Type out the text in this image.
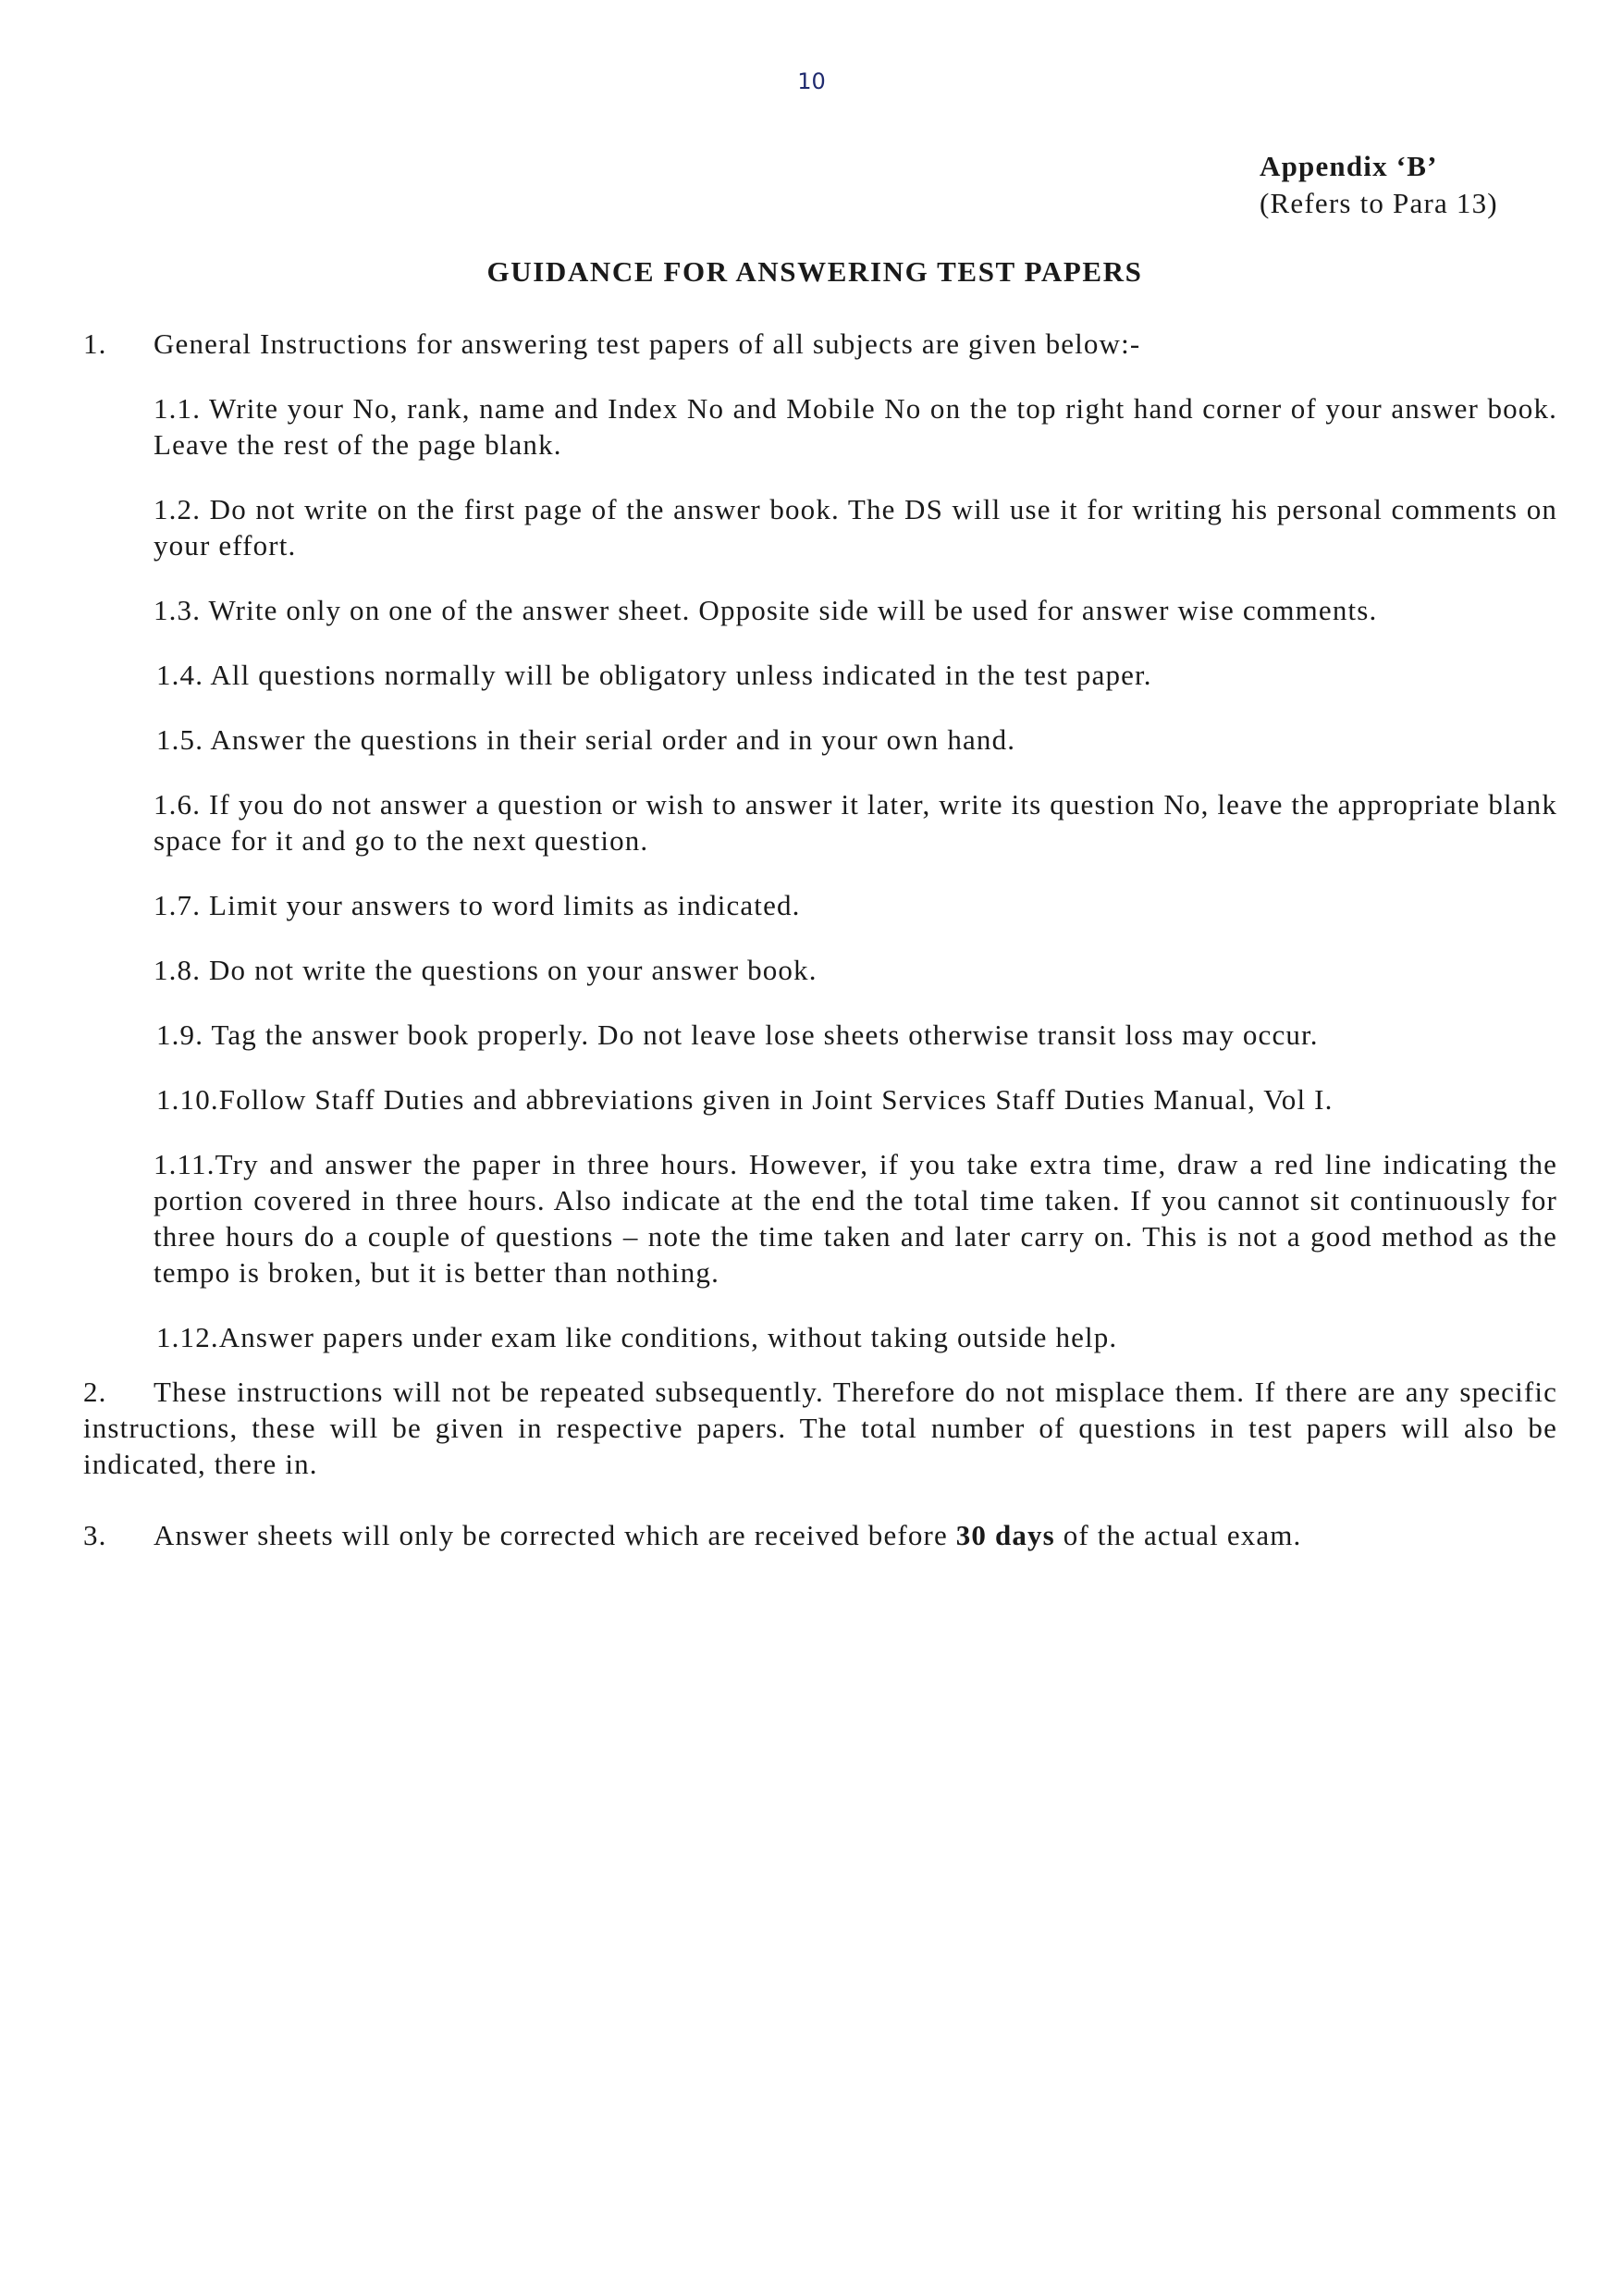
10
Appendix ‘B’
(Refers to Para 13)
GUIDANCE FOR ANSWERING TEST PAPERS

1.	General Instructions for answering test papers of all subjects are given below:-

1.1. Write your No, rank, name and Index No and Mobile No on the top right hand corner of your answer book. Leave the rest of the page blank.

1.2. Do not write on the first page of the answer book. The DS will use it for writing his personal comments on your effort.

1.3. Write only on one of the answer sheet. Opposite side will be used for answer wise comments.

1.4. All questions normally will be obligatory unless indicated in the test paper.

1.5. Answer the questions in their serial order and in your own hand.

1.6. If you do not answer a question or wish to answer it later, write its question No, leave the appropriate blank space for it and go to the next question.

1.7. Limit your answers to word limits as indicated.

1.8. Do not write the questions on your answer book.

1.9. Tag the answer book properly. Do not leave lose sheets otherwise transit loss may occur.

1.10.Follow Staff Duties and abbreviations given in Joint Services Staff Duties Manual, Vol I.

1.11.Try and answer the paper in three hours. However, if you take extra time, draw a red line indicating the portion covered in three hours. Also indicate at the end the total time taken. If you cannot sit continuously for three hours do a couple of questions – note the time taken and later carry on. This is not a good method as the tempo is broken, but it is better than nothing.

1.12.Answer papers under exam like conditions, without taking outside help.

2. These instructions will not be repeated subsequently. Therefore do not misplace them. If there are any specific instructions, these will be given in respective papers. The total number of questions in test papers will also be indicated, there in.

3. Answer sheets will only be corrected which are received before 30 days of the actual exam.
